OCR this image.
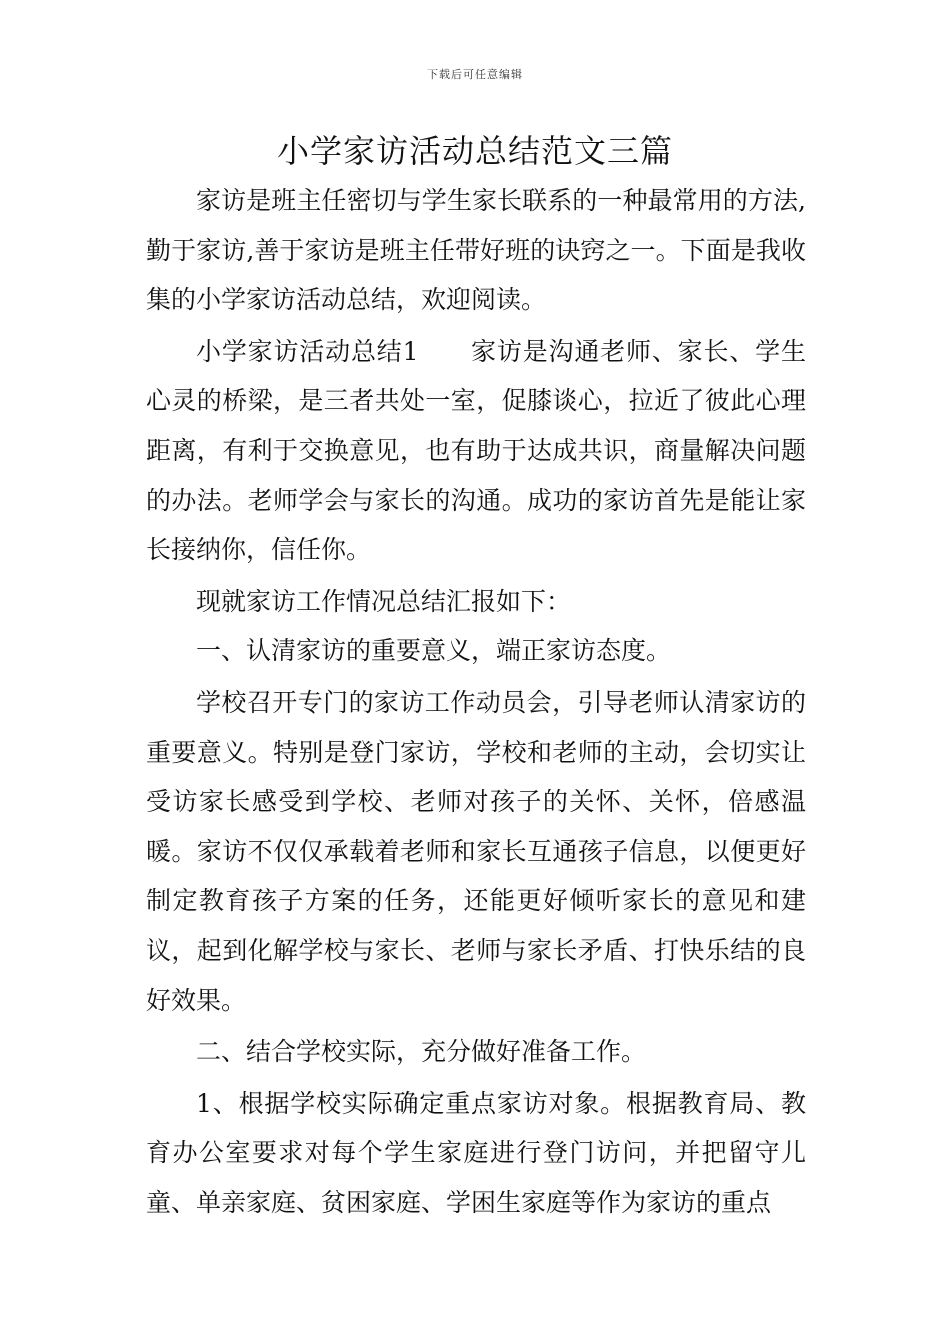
下载后可任意编辑
小学家访活动总结范文三篇

家访是班主任密切与学生家长联系的一种最常用的方法,勤于家访,善于家访是班主任带好班的诀窍之一。下面是我收集的小学家访活动总结，欢迎阅读。

小学家访活动总结1　　家访是沟通老师、家长、学生心灵的桥梁，是三者共处一室，促膝谈心，拉近了彼此心理距离，有利于交换意见，也有助于达成共识，商量解决问题的办法。老师学会与家长的沟通。成功的家访首先是能让家长接纳你，信任你。

现就家访工作情况总结汇报如下：

一、认清家访的重要意义，端正家访态度。

学校召开专门的家访工作动员会，引导老师认清家访的重要意义。特别是登门家访，学校和老师的主动，会切实让受访家长感受到学校、老师对孩子的关怀、关怀，倍感温暖。家访不仅仅承载着老师和家长互通孩子信息，以便更好制定教育孩子方案的任务，还能更好倾听家长的意见和建议，起到化解学校与家长、老师与家长矛盾、打快乐结的良好效果。

二、结合学校实际，充分做好准备工作。

1、根据学校实际确定重点家访对象。根据教育局、教育办公室要求对每个学生家庭进行登门访问，并把留守儿童、单亲家庭、贫困家庭、学困生家庭等作为家访的重点
